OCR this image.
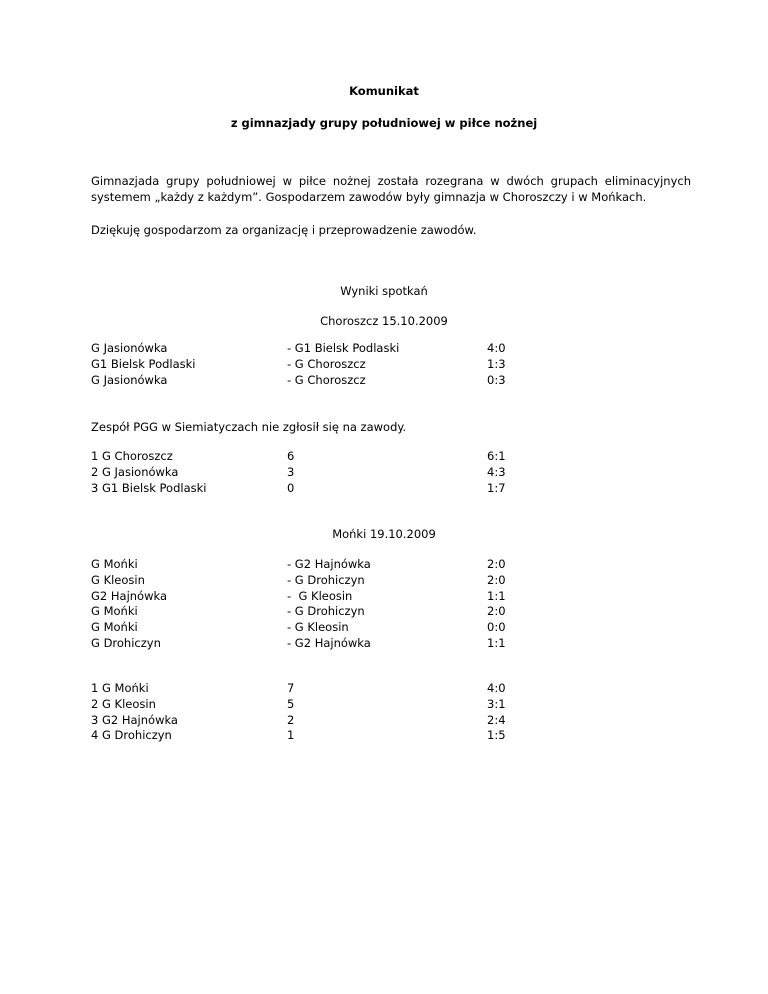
Komunikat
z gimnazjady grupy południowej w piłce nożnej
Gimnazjada grupy południowej w piłce nożnej została rozegrana w dwóch grupach eliminacyjnych systemem „każdy z każdym”. Gospodarzem zawodów były gimnazja w Choroszczy i w Mońkach.
Dziękuję gospodarzom za organizację i przeprowadzenie zawodów.
Wyniki spotkań
Choroszcz 15.10.2009
G Jasionówka	- G1 Bielsk Podlaski	4:0
G1 Bielsk Podlaski	- G Choroszcz	1:3
G Jasionówka	- G Choroszcz	0:3
Zespół PGG w Siemiatyczach nie zgłosił się na zawody.
1 G Choroszcz	6	6:1
2 G Jasionówka	3	4:3
3 G1 Bielsk Podlaski	0	1:7
Mońki 19.10.2009
G Mońki	- G2 Hajnówka	2:0
G Kleosin	- G Drohiczyn	2:0
G2 Hajnówka	-  G Kleosin	1:1
G Mońki	- G Drohiczyn	2:0
G Mońki	- G Kleosin	0:0
G Drohiczyn	- G2 Hajnówka	1:1
1 G Mońki	7	4:0
2 G Kleosin	5	3:1
3 G2 Hajnówka	2	2:4
4 G Drohiczyn	1	1:5
